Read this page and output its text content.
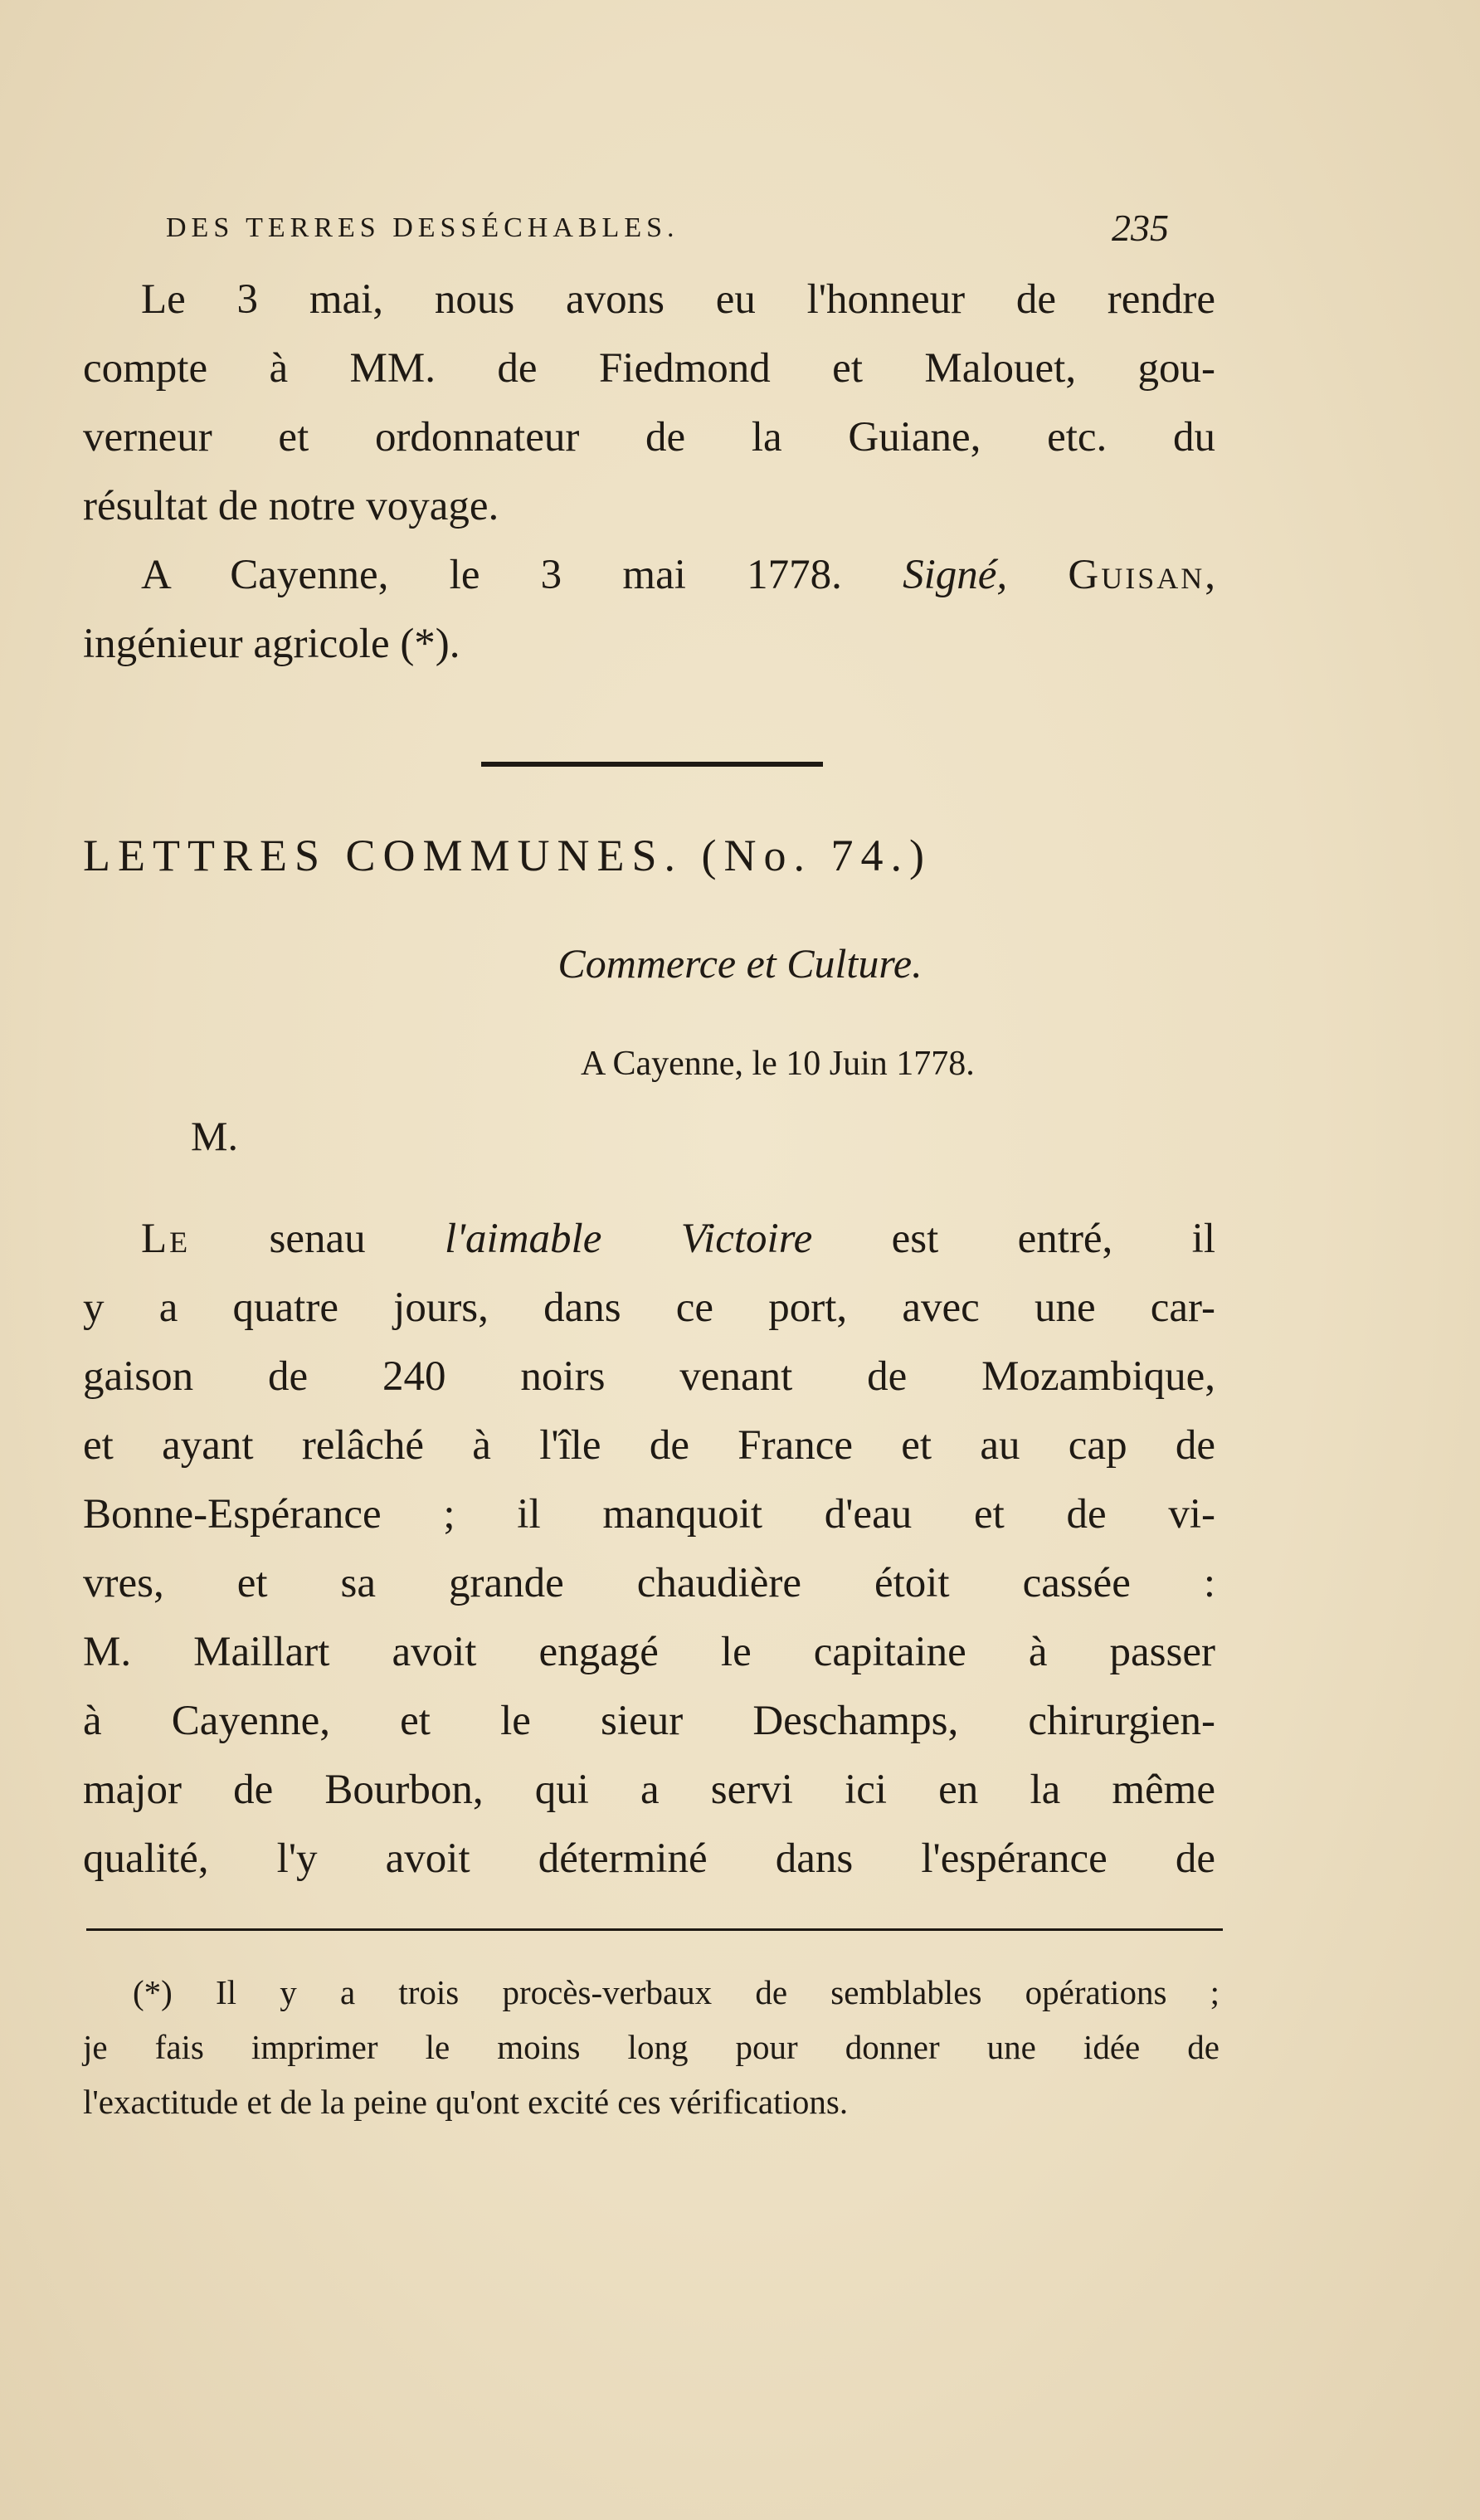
DES TERRES DESSÉCHABLES.	235
Le 3 mai, nous avons eu l'honneur de rendre
compte à MM. de Fiedmond et Malouet, gou-
verneur et ordonnateur de la Guiane, etc. du
résultat de notre voyage.
A Cayenne, le 3 mai 1778. Signé, Guisan,
ingénieur agricole (*).
LETTRES COMMUNES. (No. 74.)
Commerce et Culture.
A Cayenne, le 10 Juin 1778.
M.
Le senau l'aimable Victoire est entré, il
y a quatre jours, dans ce port, avec une car-
gaison de 240 noirs venant de Mozambique,
et ayant relâché à l'île de France et au cap de
Bonne-Espérance ; il manquoit d'eau et de vi-
vres, et sa grande chaudière étoit cassée :
M. Maillart avoit engagé le capitaine à passer
à Cayenne, et le sieur Deschamps, chirurgien-
major de Bourbon, qui a servi ici en la même
qualité, l'y avoit déterminé dans l'espérance de
(*) Il y a trois procès-verbaux de semblables opérations ;
je fais imprimer le moins long pour donner une idée de
l'exactitude et de la peine qu'ont excité ces vérifications.
